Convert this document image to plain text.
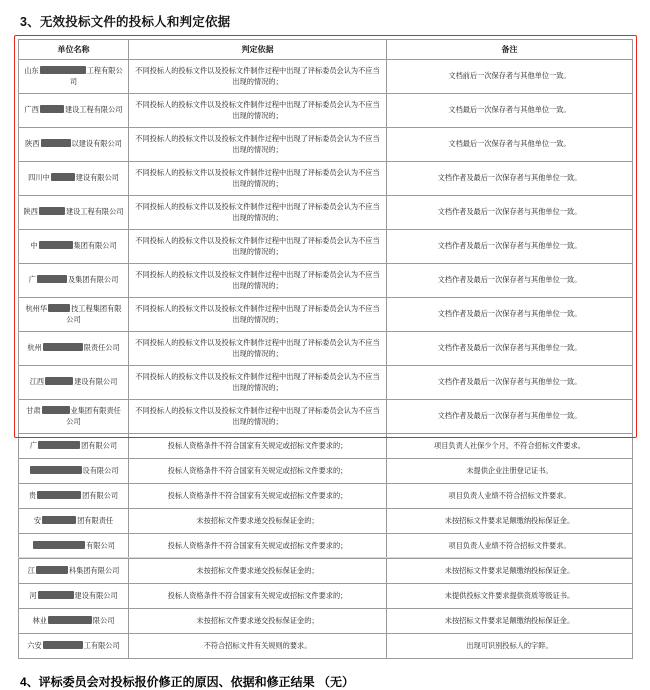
3、无效投标文件的投标人和判定依据
单位名称	判定依据	备注
山东 工程有限公司	不同投标人的投标文件以及投标文件制作过程中出现了评标委员会认为不应当出现的情况的；	文档前后一次保存者与其他单位一致。
广西 建设工程有限公司	不同投标人的投标文件以及投标文件制作过程中出现了评标委员会认为不应当出现的情况的；	文档最后一次保存者与其他单位一致。
陕西 以建设有限公司	不同投标人的投标文件以及投标文件制作过程中出现了评标委员会认为不应当出现的情况的；	文档最后一次保存者与其他单位一致。
四川中 建设有限公司	不同投标人的投标文件以及投标文件制作过程中出现了评标委员会认为不应当出现的情况的；	文档作者及最后一次保存者与其他单位一致。
陕西 建设工程有限公司	不同投标人的投标文件以及投标文件制作过程中出现了评标委员会认为不应当出现的情况的；	文档作者及最后一次保存者与其他单位一致。
中 集团有限公司	不同投标人的投标文件以及投标文件制作过程中出现了评标委员会认为不应当出现的情况的；	文档作者及最后一次保存者与其他单位一致。
广 及集团有限公司	不同投标人的投标文件以及投标文件制作过程中出现了评标委员会认为不应当出现的情况的；	文档作者及最后一次保存者与其他单位一致。
杭州华 技工程集团有限公司	不同投标人的投标文件以及投标文件制作过程中出现了评标委员会认为不应当出现的情况的；	文档作者及最后一次保存者与其他单位一致。
杭州 限责任公司	不同投标人的投标文件以及投标文件制作过程中出现了评标委员会认为不应当出现的情况的；	文档作者及最后一次保存者与其他单位一致。
江西 建设有限公司	不同投标人的投标文件以及投标文件制作过程中出现了评标委员会认为不应当出现的情况的；	文档作者及最后一次保存者与其他单位一致。
甘肃 业集团有限责任公司	不同投标人的投标文件以及投标文件制作过程中出现了评标委员会认为不应当出现的情况的；	文档作者及最后一次保存者与其他单位一致。
广 团有限公司	投标人资格条件不符合国家有关规定或招标文件要求的；	项目负责人社保少个月，不符合招标文件要求。
设有限公司	投标人资格条件不符合国家有关规定或招标文件要求的；	未提供企业注册登记证书。
贵 团有限公司	投标人资格条件不符合国家有关规定或招标文件要求的；	项目负责人业绩不符合招标文件要求。
安 团有限责任	未按招标文件要求递交投标保证金的；	未按招标文件要求足额缴纳投标保证金。
有限公司	投标人资格条件不符合国家有关规定或招标文件要求的；	项目负责人业绩不符合招标文件要求。
江 科集团有限公司	未按招标文件要求递交投标保证金的；	未按招标文件要求足额缴纳投标保证金。
河 建设有限公司	投标人资格条件不符合国家有关规定或招标文件要求的；	未提供投标文件要求提供资质等级证书。
林业 限公司	未按招标文件要求递交投标保证金的；	未按招标文件要求足额缴纳投标保证金。
六安 工有限公司	不符合招标文件有关规则的要求。	出现可识别投标人的字睟。
4、评标委员会对投标报价修正的原因、依据和修正结果 （无）
